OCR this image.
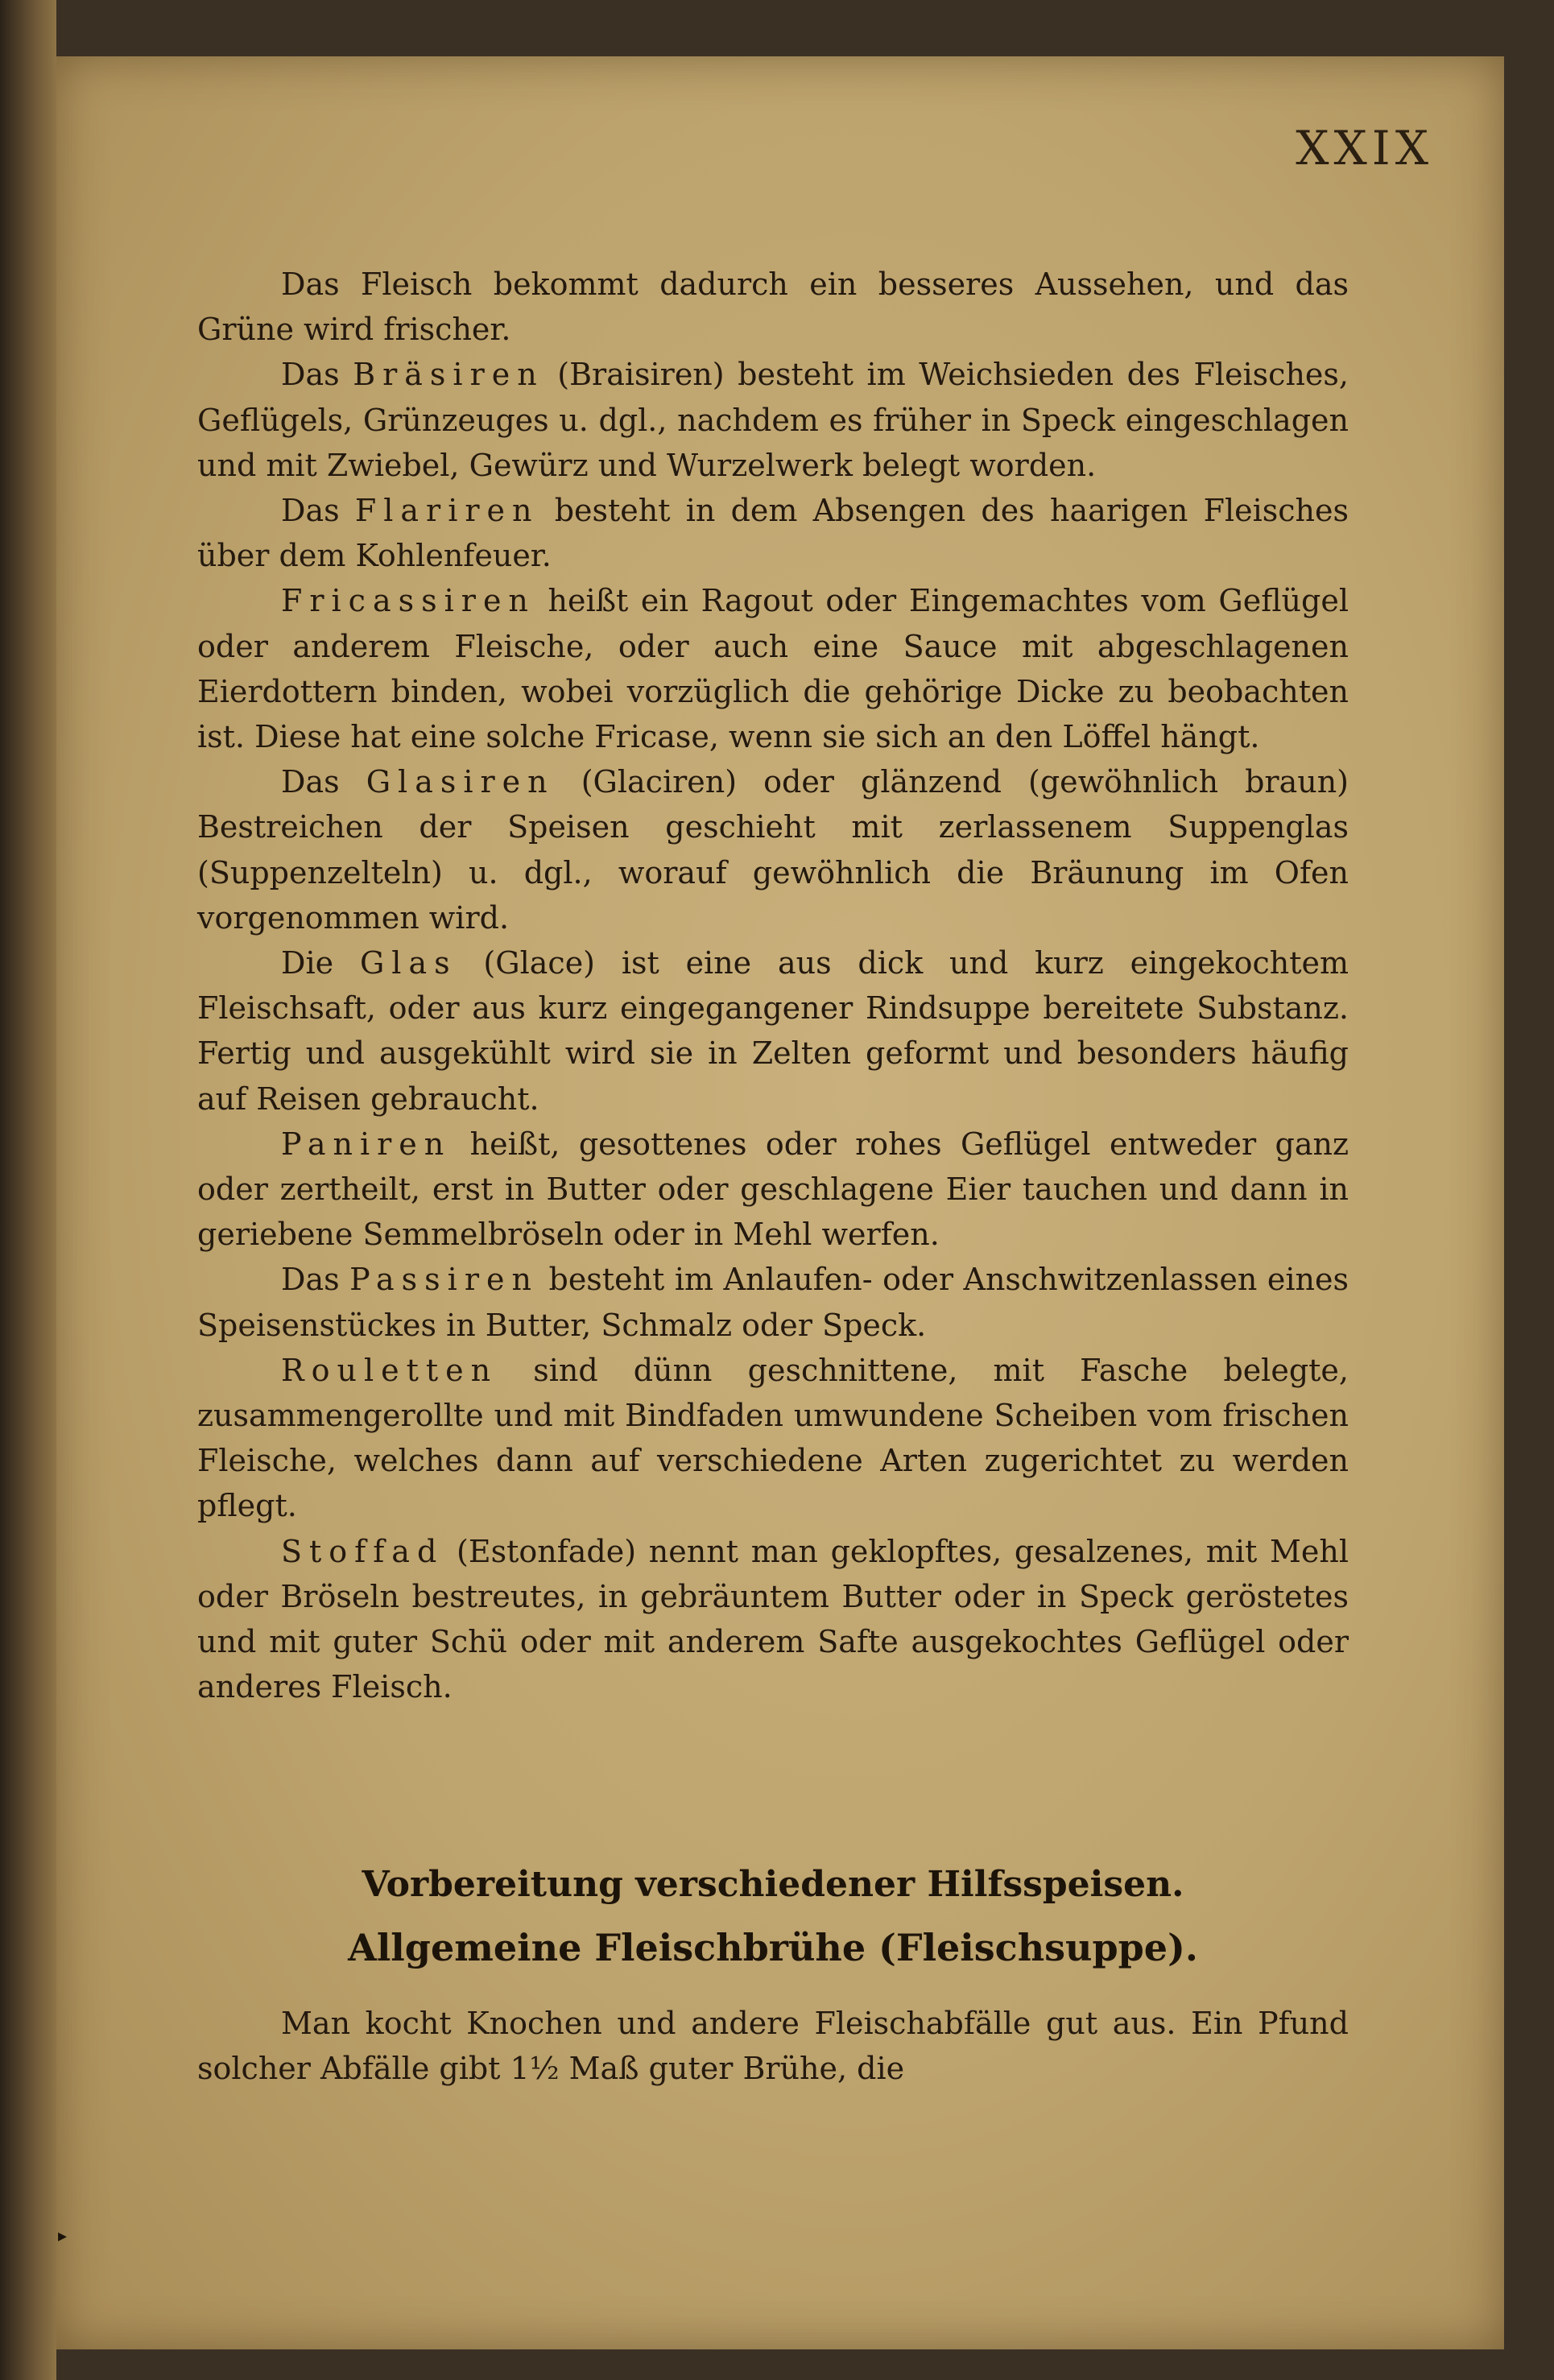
XXIX

Das Fleisch bekommt dadurch ein besseres Aussehen, und das Grüne wird frischer.

Das Bräsiren (Braisiren) besteht im Weichsieden des Fleisches, Geflügels, Grünzeuges u. dgl., nachdem es früher in Speck eingeschlagen und mit Zwiebel, Gewürz und Wurzelwerk belegt worden.

Das Flariren besteht in dem Absengen des haarigen Fleisches über dem Kohlenfeuer.

Fricassiren heißt ein Ragout oder Eingemachtes vom Geflügel oder anderem Fleische, oder auch eine Sauce mit abgeschlagenen Eierdottern binden, wobei vorzüglich die gehörige Dicke zu beobachten ist. Diese hat eine solche Fricase, wenn sie sich an den Löffel hängt.

Das Glasiren (Glaciren) oder glänzend (gewöhnlich braun) Bestreichen der Speisen geschieht mit zerlassenem Suppenglas (Suppenzelteln) u. dgl., worauf gewöhnlich die Bräunung im Ofen vorgenommen wird.

Die Glas (Glace) ist eine aus dick und kurz eingekochtem Fleischsaft, oder aus kurz eingegangener Rindsuppe bereitete Substanz. Fertig und ausgekühlt wird sie in Zelten geformt und besonders häufig auf Reisen gebraucht.

Paniren heißt, gesottenes oder rohes Geflügel entweder ganz oder zertheilt, erst in Butter oder geschlagene Eier tauchen und dann in geriebene Semmelbröseln oder in Mehl werfen.

Das Passiren besteht im Anlaufen- oder Anschwitzenlassen eines Speisenstückes in Butter, Schmalz oder Speck.

Rouletten sind dünn geschnittene, mit Fasche belegte, zusammengerollte und mit Bindfaden umwundene Scheiben vom frischen Fleische, welches dann auf verschiedene Arten zugerichtet zu werden pflegt.

Stoffad (Estonfade) nennt man geklopftes, gesalzenes, mit Mehl oder Bröseln bestreutes, in gebräuntem Butter oder in Speck geröstetes und mit guter Schü oder mit anderem Safte ausgekochtes Geflügel oder anderes Fleisch.

Vorbereitung verschiedener Hilfsspeisen.

Allgemeine Fleischbrühe (Fleischsuppe).

Man kocht Knochen und andere Fleischabfälle gut aus. Ein Pfund solcher Abfälle gibt 1½ Maß guter Brühe, die

▸
